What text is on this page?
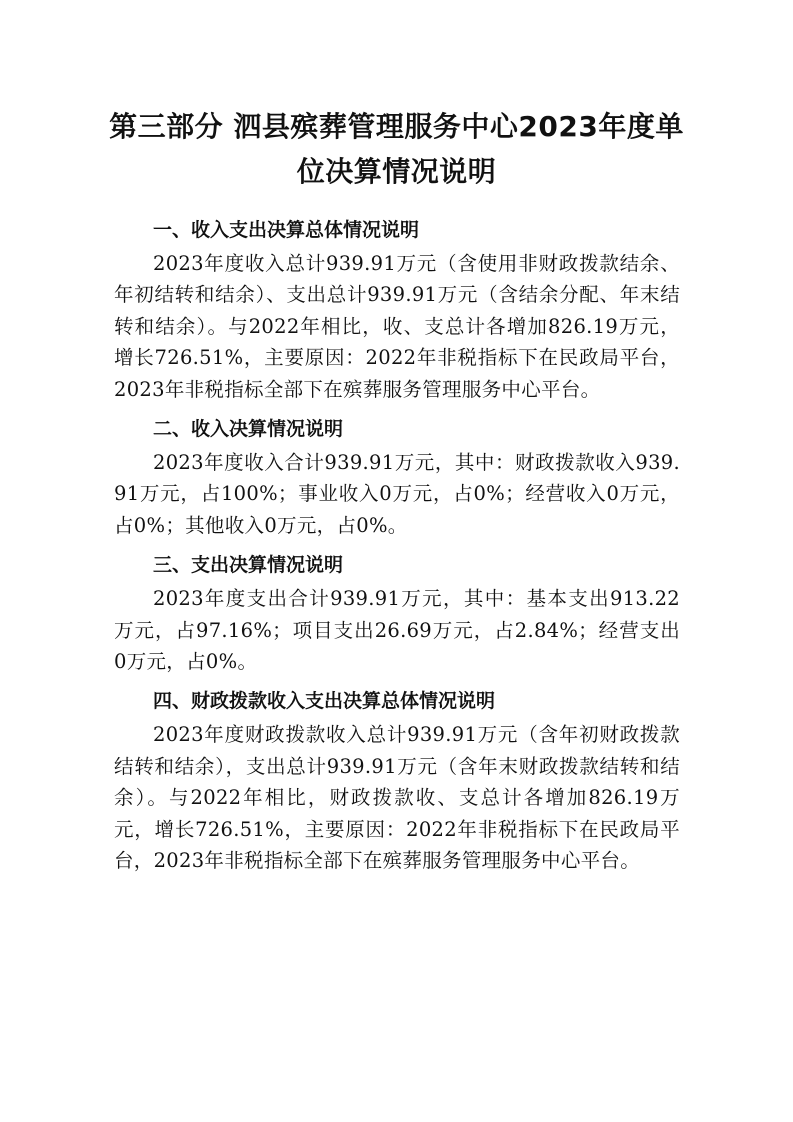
第三部分 泗县殡葬管理服务中心2023年度单位决算情况说明

一、收入支出决算总体情况说明

2023年度收入总计939.91万元（含使用非财政拨款结余、年初结转和结余）、支出总计939.91万元（含结余分配、年末结转和结余）。与2022年相比，收、支总计各增加826.19万元，增长726.51%，主要原因：2022年非税指标下在民政局平台，2023年非税指标全部下在殡葬服务管理服务中心平台。

二、收入决算情况说明

2023年度收入合计939.91万元，其中：财政拨款收入939.91万元，占100%；事业收入0万元，占0%；经营收入0万元，占0%；其他收入0万元，占0%。

三、支出决算情况说明

2023年度支出合计939.91万元，其中：基本支出913.22万元，占97.16%；项目支出26.69万元，占2.84%；经营支出0万元，占0%。

四、财政拨款收入支出决算总体情况说明

2023年度财政拨款收入总计939.91万元（含年初财政拨款结转和结余），支出总计939.91万元（含年末财政拨款结转和结余）。与2022年相比，财政拨款收、支总计各增加826.19万元，增长726.51%，主要原因：2022年非税指标下在民政局平台，2023年非税指标全部下在殡葬服务管理服务中心平台。
